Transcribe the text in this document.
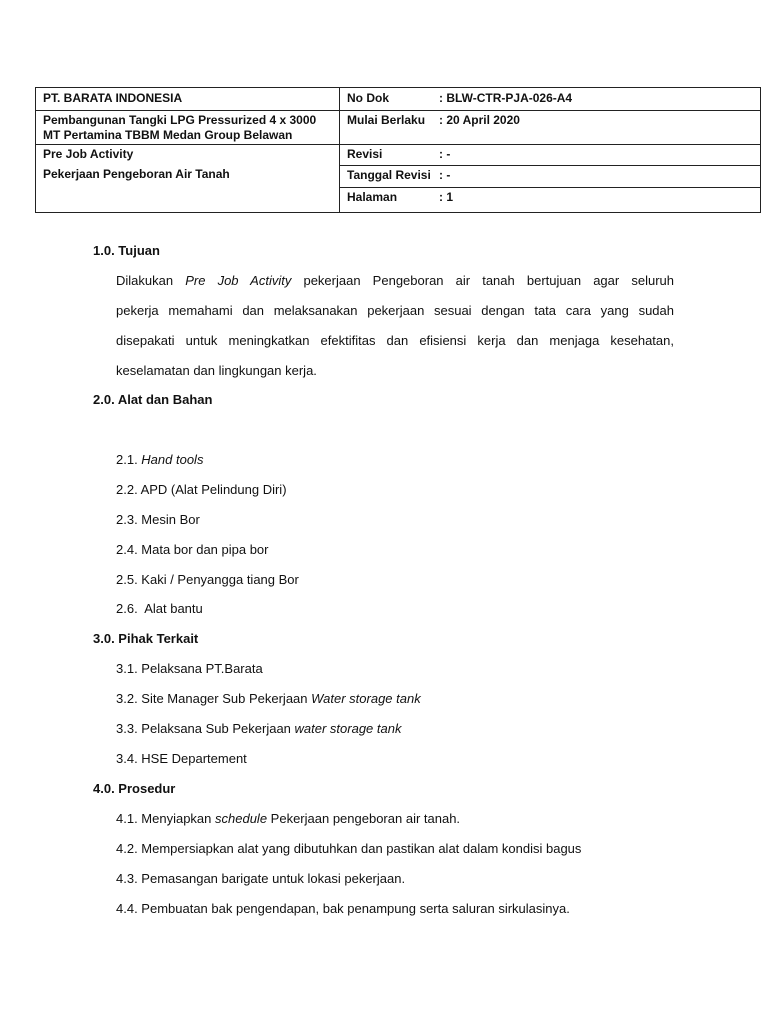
PT. BARATA INDONESIA
Pembangunan Tangki LPG Pressurized 4 x 3000
MT Pertamina TBBM Medan Group Belawan
Pre Job Activity
Pekerjaan Pengeboran Air Tanah
No Dok	: BLW-CTR-PJA-026-A4
Mulai Berlaku : 20 April 2020
Revisi	: -
Tanggal Revisi : -
Halaman	: 1
1.0. Tujuan
Dilakukan Pre Job Activity pekerjaan Pengeboran air tanah bertujuan agar seluruh
pekerja memahami dan melaksanakan pekerjaan sesuai dengan tata cara yang sudah
disepakati untuk meningkatkan efektifitas dan efisiensi kerja dan menjaga kesehatan,
keselamatan dan lingkungan kerja.
2.0. Alat dan Bahan
2.1. Hand tools
2.2. APD (Alat Pelindung Diri)
2.3. Mesin Bor
2.4. Mata bor dan pipa bor
2.5. Kaki / Penyangga tiang Bor
2.6.  Alat bantu
3.0. Pihak Terkait
3.1. Pelaksana PT.Barata
3.2. Site Manager Sub Pekerjaan Water storage tank
3.3. Pelaksana Sub Pekerjaan water storage tank
3.4. HSE Departement
4.0. Prosedur
4.1. Menyiapkan schedule Pekerjaan pengeboran air tanah.
4.2. Mempersiapkan alat yang dibutuhkan dan pastikan alat dalam kondisi bagus
4.3. Pemasangan barigate untuk lokasi pekerjaan.
4.4. Pembuatan bak pengendapan, bak penampung serta saluran sirkulasinya.
